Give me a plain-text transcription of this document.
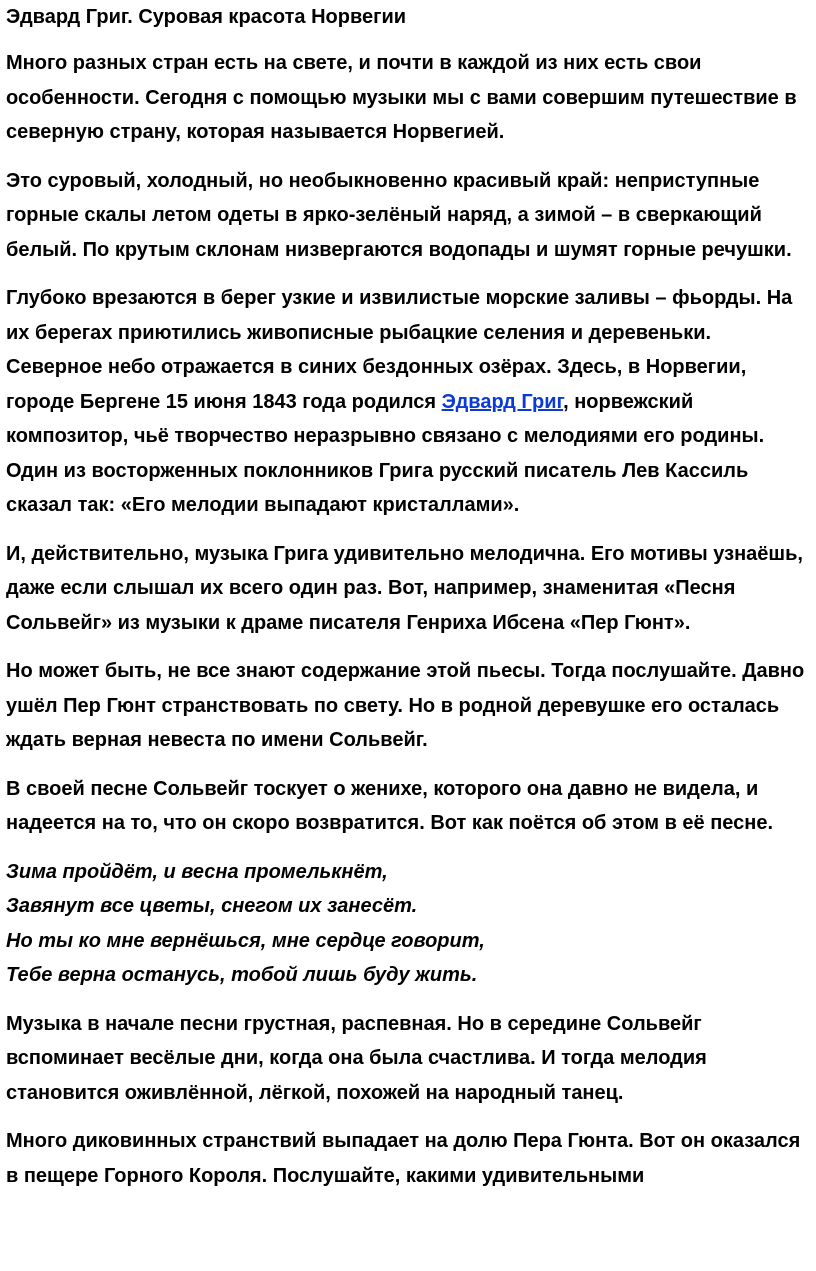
Эдвард Григ. Суровая красота Норвегии

Много разных стран есть на свете, и почти в каждой из них есть свои особенности. Сегодня с помощью музыки мы с вами совершим путешествие в северную страну, которая называется Норвегией.

Это суровый, холодный, но необыкновенно красивый край: неприступные горные скалы летом одеты в ярко-зелёный наряд, а зимой – в сверкающий белый. По крутым склонам низвергаются водопады и шумят горные речушки.

Глубоко врезаются в берег узкие и извилистые морские заливы – фьорды. На их берегах приютились живописные рыбацкие селения и деревеньки. Северное небо отражается в синих бездонных озёрах. Здесь, в Норвегии, городе Бергене 15 июня 1843 года родился Эдвард Григ, норвежский композитор, чьё творчество неразрывно связано с мелодиями его родины. Один из восторженных поклонников Грига русский писатель Лев Кассиль сказал так: «Его мелодии выпадают кристаллами».

И, действительно, музыка Грига удивительно мелодична. Его мотивы узнаёшь, даже если слышал их всего один раз. Вот, например, знаменитая «Песня Сольвейг» из музыки к драме писателя Генриха Ибсена «Пер Гюнт».

Но может быть, не все знают содержание этой пьесы. Тогда послушайте. Давно ушёл Пер Гюнт странствовать по свету. Но в родной деревушке его осталась ждать верная невеста по имени Сольвейг.

В своей песне Сольвейг тоскует о женихе, которого она давно не видела, и надеется на то, что он скоро возвратится. Вот как поётся об этом в её песне.

Зима пройдёт, и весна промелькнёт,
Завянут все цветы, снегом их занесёт.
Но ты ко мне вернёшься, мне сердце говорит,
Тебе верна останусь, тобой лишь буду жить.

Музыка в начале песни грустная, распевная. Но в середине Сольвейг вспоминает весёлые дни, когда она была счастлива. И тогда мелодия становится оживлённой, лёгкой, похожей на народный танец.

Много диковинных странствий выпадает на долю Пера Гюнта. Вот он оказался в пещере Горного Короля. Послушайте, какими удивительными
